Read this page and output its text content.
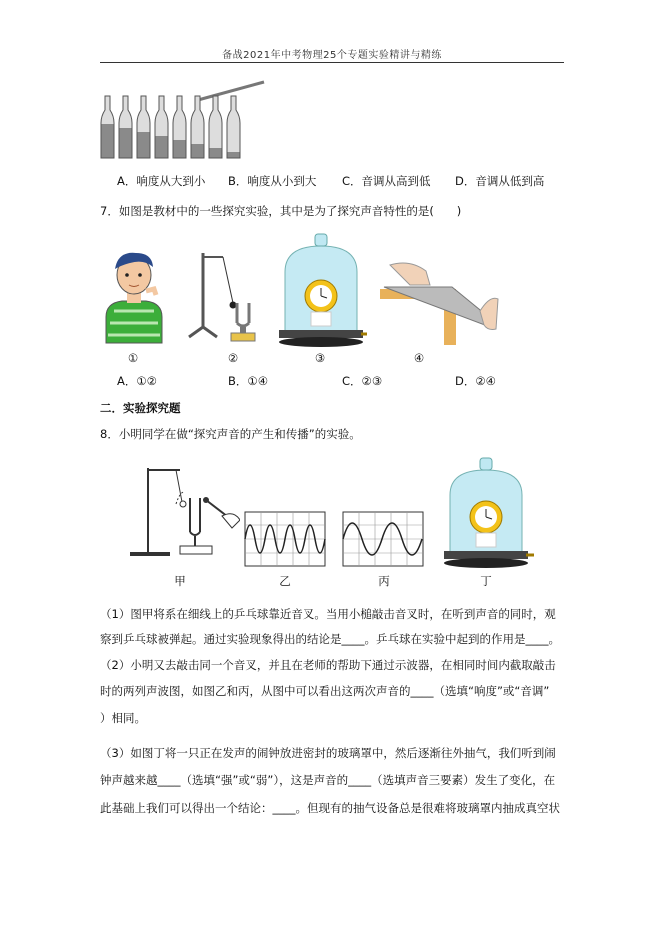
备战2021年中考物理25个专题实验精讲与精练
A．响度从大到小 B．响度从小到大 C．音调从高到低 D．音调从低到高
7．如图是教材中的一些探究实验，其中是为了探究声音特性的是(　　)
①	②	③	④
A．①②	B．①④	C．②③	D．②④
二．实验探究题
8．小明同学在做“探究声音的产生和传播”的实验。
甲	乙	丙	丁
（1）图甲将系在细线上的乒乓球靠近音叉。当用小槌敲击音叉时，在听到声音的同时，观
察到乒乓球被弹起。通过实验现象得出的结论是____。乒乓球在实验中起到的作用是____。
（2）小明又去敲击同一个音叉，并且在老师的帮助下通过示波器，在相同时间内截取敲击
时的两列声波图，如图乙和丙，从图中可以看出这两次声音的____（选填“响度”或“音调”
）相同。
（3）如图丁将一只正在发声的闹钟放进密封的玻璃罩中，然后逐渐往外抽气，我们听到闹
钟声越来越____（选填“强”或“弱”），这是声音的____（选填声音三要素）发生了变化，在
此基础上我们可以得出一个结论：____。但现有的抽气设备总是很难将玻璃罩内抽成真空状
